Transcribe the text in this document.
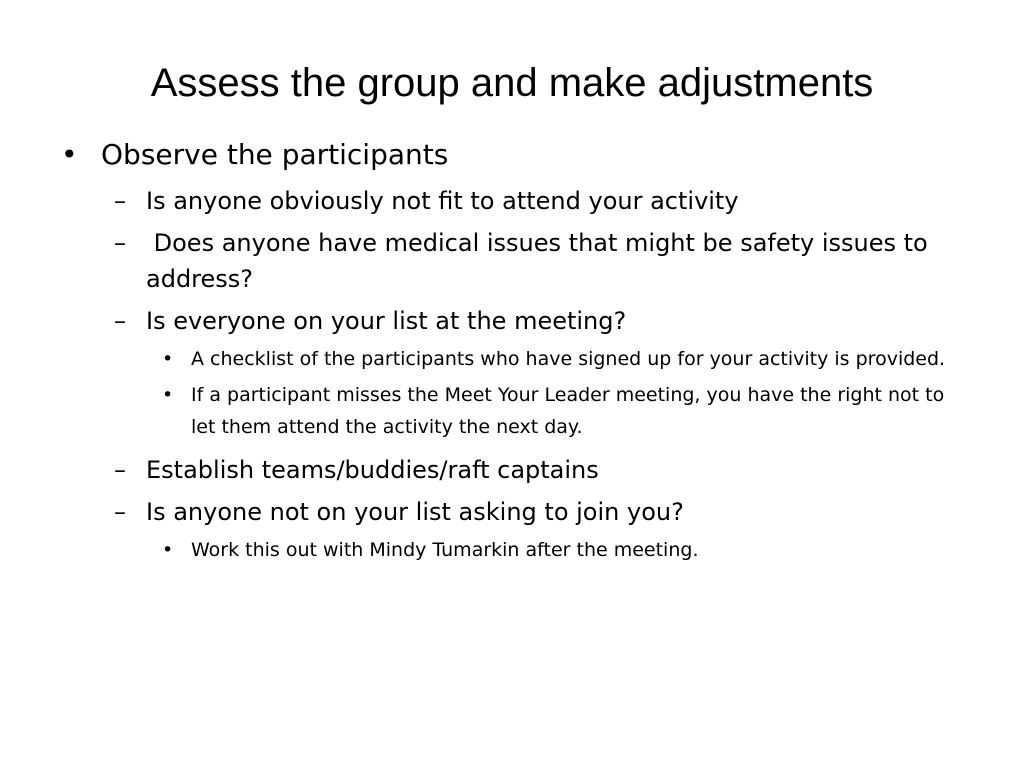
Assess the group and make adjustments
• Observe the participants
– Is anyone obviously not fit to attend your activity
– Does anyone have medical issues that might be safety issues to address?
– Is everyone on your list at the meeting?
• A checklist of the participants who have signed up for your activity is provided.
• If a participant misses the Meet Your Leader meeting, you have the right not to let them attend the activity the next day.
– Establish teams/buddies/raft captains
– Is anyone not on your list asking to join you?
• Work this out with Mindy Tumarkin after the meeting.
